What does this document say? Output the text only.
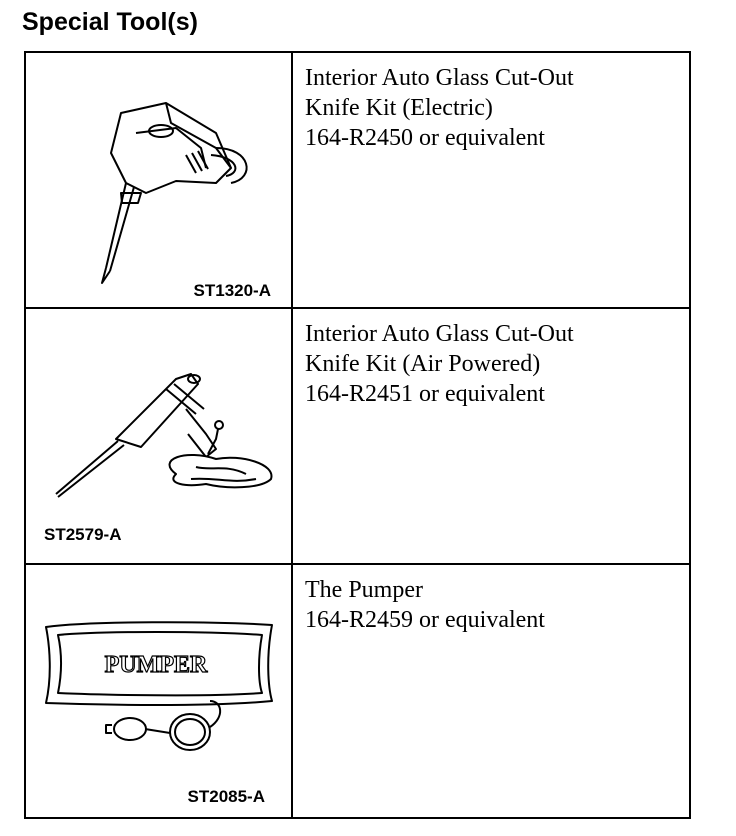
Special Tool(s)
ST1320-A
Interior Auto Glass Cut-Out
Knife Kit (Electric)
164-R2450 or equivalent
ST2579-A
Interior Auto Glass Cut-Out
Knife Kit (Air Powered)
164-R2451 or equivalent
PUMPER
ST2085-A
The Pumper
164-R2459 or equivalent
